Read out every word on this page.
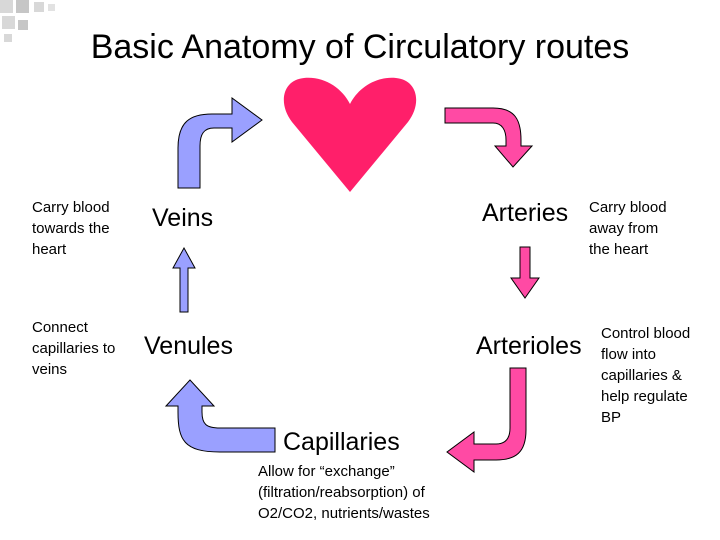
Basic Anatomy of Circulatory routes
Veins
Venules
Arteries
Arterioles
Capillaries
Carry blood
towards the
heart
Connect
capillaries to
veins
Carry blood
away from
the heart
Control blood
flow into
capillaries &
help regulate
BP
Allow for “exchange”
(filtration/reabsorption) of
O2/CO2, nutrients/wastes
